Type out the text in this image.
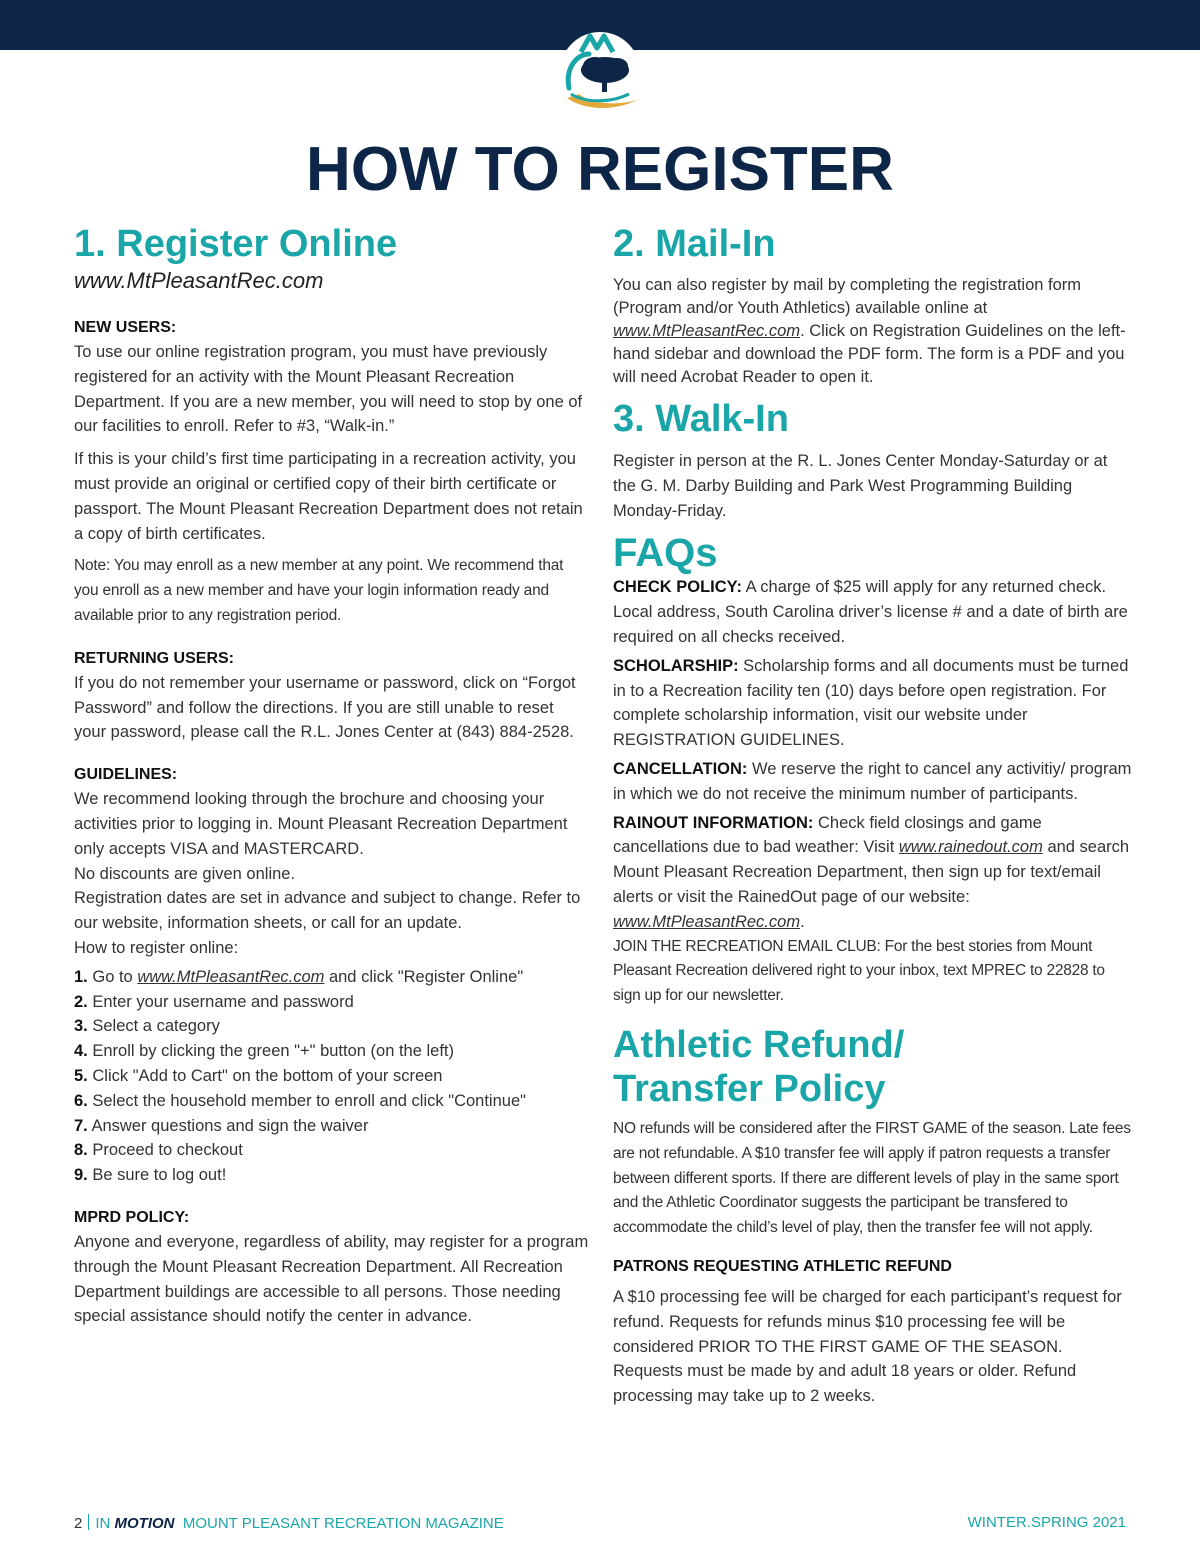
HOW TO REGISTER
1. Register Online
www.MtPleasantRec.com
NEW USERS:

To use our online registration program, you must have previously registered for an activity with the Mount Pleasant Recreation Department. If you are a new member, you will need to stop by one of our facilities to enroll. Refer to #3, “Walk-in.”

If this is your child’s first time participating in a recreation activity, you must provide an original or certified copy of their birth certificate or passport. The Mount Pleasant Recreation Department does not retain a copy of birth certificates.

Note: You may enroll as a new member at any point. We recommend that you enroll as a new member and have your login information ready and available prior to any registration period.

RETURNING USERS:

If you do not remember your username or password, click on “Forgot Password” and follow the directions. If you are still unable to reset your password, please call the R.L. Jones Center at (843) 884-2528.

GUIDELINES:

We recommend looking through the brochure and choosing your activities prior to logging in. Mount Pleasant Recreation Department only accepts VISA and MASTERCARD.

No discounts are given online.

Registration dates are set in advance and subject to change. Refer to our website, information sheets, or call for an update.

How to register online:

1. Go to www.MtPleasantRec.com and click "Register Online"
2. Enter your username and password
3. Select a category
4. Enroll by clicking the green "+" button (on the left)
5. Click "Add to Cart" on the bottom of your screen
6. Select the household member to enroll and click "Continue"
7. Answer questions and sign the waiver
8. Proceed to checkout
9. Be sure to log out!
MPRD POLICY:

Anyone and everyone, regardless of ability, may register for a program through the Mount Pleasant Recreation Department. All Recreation Department buildings are accessible to all persons. Those needing special assistance should notify the center in advance.

2. Mail-In

You can also register by mail by completing the registration form (Program and/or Youth Athletics) available online at www.MtPleasantRec.com. Click on Registration Guidelines on the left-hand sidebar and download the PDF form. The form is a PDF and you will need Acrobat Reader to open it.

3. Walk-In

Register in person at the R. L. Jones Center Monday-Saturday or at the G. M. Darby Building and Park West Programming Building Monday-Friday.

FAQs

CHECK POLICY: A charge of $25 will apply for any returned check. Local address, South Carolina driver’s license # and a date of birth are required on all checks received.

SCHOLARSHIP: Scholarship forms and all documents must be turned in to a Recreation facility ten (10) days before open registration. For complete scholarship information, visit our website under REGISTRATION GUIDELINES.

CANCELLATION: We reserve the right to cancel any activitiy/ program in which we do not receive the minimum number of participants.

RAINOUT INFORMATION: Check field closings and game cancellations due to bad weather: Visit www.rainedout.com and search Mount Pleasant Recreation Department, then sign up for text/email alerts or visit the RainedOut page of our website: www.MtPleasantRec.com.

JOIN THE RECREATION EMAIL CLUB: For the best stories from Mount Pleasant Recreation delivered right to your inbox, text MPREC to 22828 to sign up for our newsletter.

Athletic Refund/
Transfer Policy

NO refunds will be considered after the FIRST GAME of the season. Late fees are not refundable. A $10 transfer fee will apply if patron requests a transfer between different sports. If there are different levels of play in the same sport and the Athletic Coordinator suggests the participant be transfered to accommodate the child’s level of play, then the transfer fee will not apply.

PATRONS REQUESTING ATHLETIC REFUND

A $10 processing fee will be charged for each participant’s request for refund. Requests for refunds minus $10 processing fee will be considered PRIOR TO THE FIRST GAME OF THE SEASON. Requests must be made by and adult 18 years or older. Refund processing may take up to 2 weeks.

2 IN MOTION MOUNT PLEASANT RECREATION MAGAZINE	WINTER.SPRING 2021
